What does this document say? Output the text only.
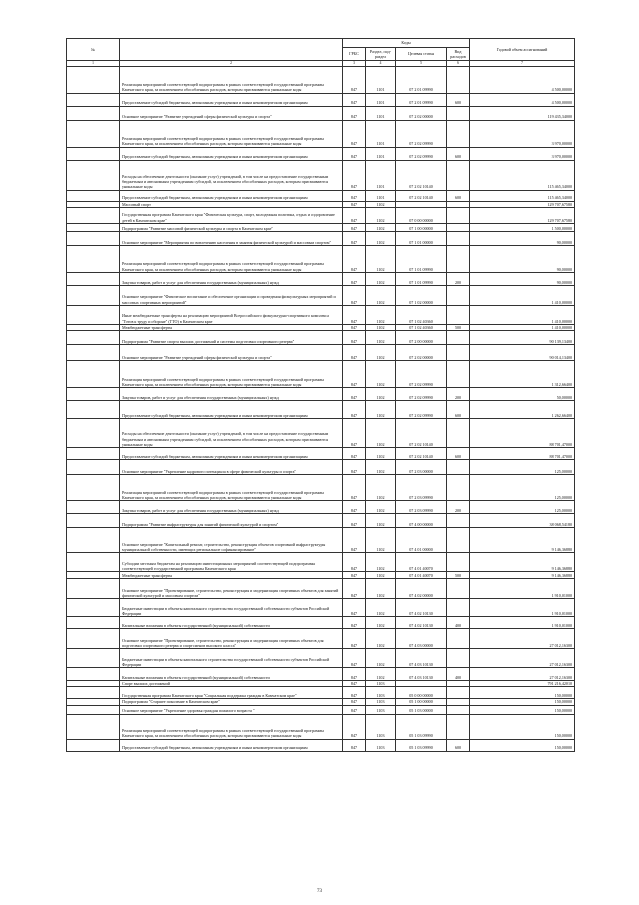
№		Коды				Годовой объем ассигнований
		ГРБС	Раздел, под-раздел	Целевая статья	Вид расходов	
1	2	3	4	5	6	7
	Реализация мероприятий соответствующей подпрограммы в рамках соответствующей государственной программы Камчатского края, за исключением обособленных расходов, которым присваиваются уникальные коды	847	1101	07 2 01 09990		4 500,00000
	Предоставление субсидий бюджетным, автономным учреждениям и иным некоммерческим организациям	847	1101	07 2 01 09990	600	4 500,00000
	Основное мероприятие "Развитие учреждений сферы физической культуры и спорта"	847	1101	07 2 02 00000		119 435,34000
	Реализация мероприятий соответствующей подпрограммы в рамках соответствующей государственной программы Камчатского края, за исключением обособленных расходов, которым присваиваются уникальные коды	847	1101	07 2 02 09990		3 970,00000
	Предоставление субсидий бюджетным, автономным учреждениям и иным некоммерческим организациям	847	1101	07 2 02 09990	600	3 970,00000
	Расходы на обеспечение деятельности (оказание услуг) учреждений, в том числе на предоставление государственным бюджетным и автономным учреждениям субсидий, за исключением обособленных расходов, которым присваиваются уникальные коды	847	1101	07 2 02 10140		115 465,34000
	Предоставление субсидий бюджетным, автономным учреждениям и иным некоммерческим организациям	847	1101	07 2 02 10140	600	115 465,34000
	Массовый спорт	847	1102			129 707,67580
	Государственная программа Камчатского края "Физическая культура, спорт, молодежная политика, отдых и оздоровление детей в Камчатском крае"	847	1102	07 0 00 00000		129 707,67580
	Подпрограмма "Развитие массовой физической культуры и спорта в Камчатском крае"	847	1102	07 1 00 00000		1 500,00000
	Основное мероприятие "Мероприятия по вовлечению населения в занятия физической культурой и массовым спортом"	847	1102	07 1 01 00000		90,00000
	Реализация мероприятий соответствующей подпрограммы в рамках соответствующей государственной программы Камчатского края, за исключением обособленных расходов, которым присваиваются уникальные коды	847	1102	07 1 01 09990		90,00000
	Закупка товаров, работ и услуг для обеспечения государственных (муниципальных) нужд	847	1102	07 1 01 09990	200	90,00000
	Основное мероприятие "Физическое воспитание и обеспечение организации и проведения физкультурных мероприятий и массовых спортивных мероприятий"	847	1102	07 1 02 00000		1 410,00000
	Иные межбюджетные трансферты на реализацию мероприятий Всероссийского физкультурно-спортивного комплекса "Готов к труду и обороне" (ГТО) в Камчатском крае	847	1102	07 1 02 40360		1 410,00000
	Межбюджетные трансферты	847	1102	07 1 02 40360	500	1 410,00000
	Подпрограмма "Развитие спорта высших достижений и системы подготовки спортивного резерва"	847	1102	07 2 00 00000		90 139,13400
	Основное мероприятие "Развитие учреждений сферы физической культуры и спорта"	847	1102	07 2 02 00000		90 014,13400
	Реализация мероприятий соответствующей подпрограммы в рамках соответствующей государственной программы Камчатского края, за исключением обособленных расходов, которым присваиваются уникальные коды	847	1102	07 2 02 09990		1 312,66400
	Закупка товаров, работ и услуг для обеспечения государственных (муниципальных) нужд	847	1102	07 2 02 09990	200	50,00000
	Предоставление субсидий бюджетным, автономным учреждениям и иным некоммерческим организациям	847	1102	07 2 02 09990	600	1 262,66400
	Расходы на обеспечение деятельности (оказание услуг) учреждений, в том числе на предоставление государственным бюджетным и автономным учреждениям субсидий, за исключением обособленных расходов, которым присваиваются уникальные коды	847	1102	07 2 02 10140		88 701,47000
	Предоставление субсидий бюджетным, автономным учреждениям и иным некоммерческим организациям	847	1102	07 2 02 10140	600	88 701,47000
	Основное мероприятие "Укрепление кадрового потенциала в сфере физической культуры и спорта"	847	1102	07 2 03 00000		125,00000
	Реализация мероприятий соответствующей подпрограммы в рамках соответствующей государственной программы Камчатского края, за исключением обособленных расходов, которым присваиваются уникальные коды	847	1102	07 2 03 09990		125,00000
	Закупка товаров, работ и услуг для обеспечения государственных (муниципальных) нужд	847	1102	07 2 03 09990	200	125,00000
	Подпрограмма "Развитие инфраструктуры для занятий физической культурой и спортом"	847	1102	07 4 00 00000		38 068,54180
	Основное мероприятие "Капитальный ремонт, строительство, реконструкция объектов спортивной инфраструктуры муниципальной собственности, имеющих региональное софинансирование"	847	1102	07 4 01 00000		9 146,36880
	Субсидии местным бюджетам на реализацию инвестиционных мероприятий соответствующей подпрограммы соответствующей государственной программы Камчатского края	847	1102	07 4 01 40070		9 146,36880
	Межбюджетные трансферты	847	1102	07 4 01 40070	500	9 146,36880
	Основное мероприятие "Проектирование, строительство, реконструкция и модернизация спортивных объектов для занятий физической культурой и массовым спортом"	847	1102	07 4 02 00000		1 910,01000
	Бюджетные инвестиции в объекты капитального строительства государственной собственности субъектов Российской Федерации	847	1102	07 4 02 10130		1 910,01000
	Капитальные вложения в объекты государственной (муниципальной) собственности	847	1102	07 4 02 10130	400	1 910,01000
	Основное мероприятие "Проектирование, строительство, реконструкция и модернизация спортивных объектов для подготовки спортивного резерва и спортсменов высокого класса"	847	1102	07 4 03 00000		27 012,16300
	Бюджетные инвестиции в объекты капитального строительства государственной собственности субъектов Российской Федерации	847	1102	07 4 03 10130		27 012,16300
	Капитальные вложения в объекты государственной (муниципальной) собственности	847	1102	07 4 03 10130	400	27 012,16300
	Спорт высших достижений	847	1103			791 216,42010
	Государственная программа Камчатского края "Социальная поддержка граждан в Камчатском крае"	847	1103	05 0 00 00000		150,00000
	Подпрограмма "Старшее поколение в Камчатском крае"	847	1103	05 1 00 00000		150,00000
	Основное мероприятие "Укрепление здоровья граждан пожилого возраста "	847	1103	05 1 03 00000		150,00000
	Реализация мероприятий соответствующей подпрограммы в рамках соответствующей государственной программы Камчатского края, за исключением обособленных расходов, которым присваиваются уникальные коды	847	1103	05 1 03 09990		150,00000
	Предоставление субсидий бюджетным, автономным учреждениям и иным некоммерческим организациям	847	1103	05 1 03 09990	600	150,00000
73
